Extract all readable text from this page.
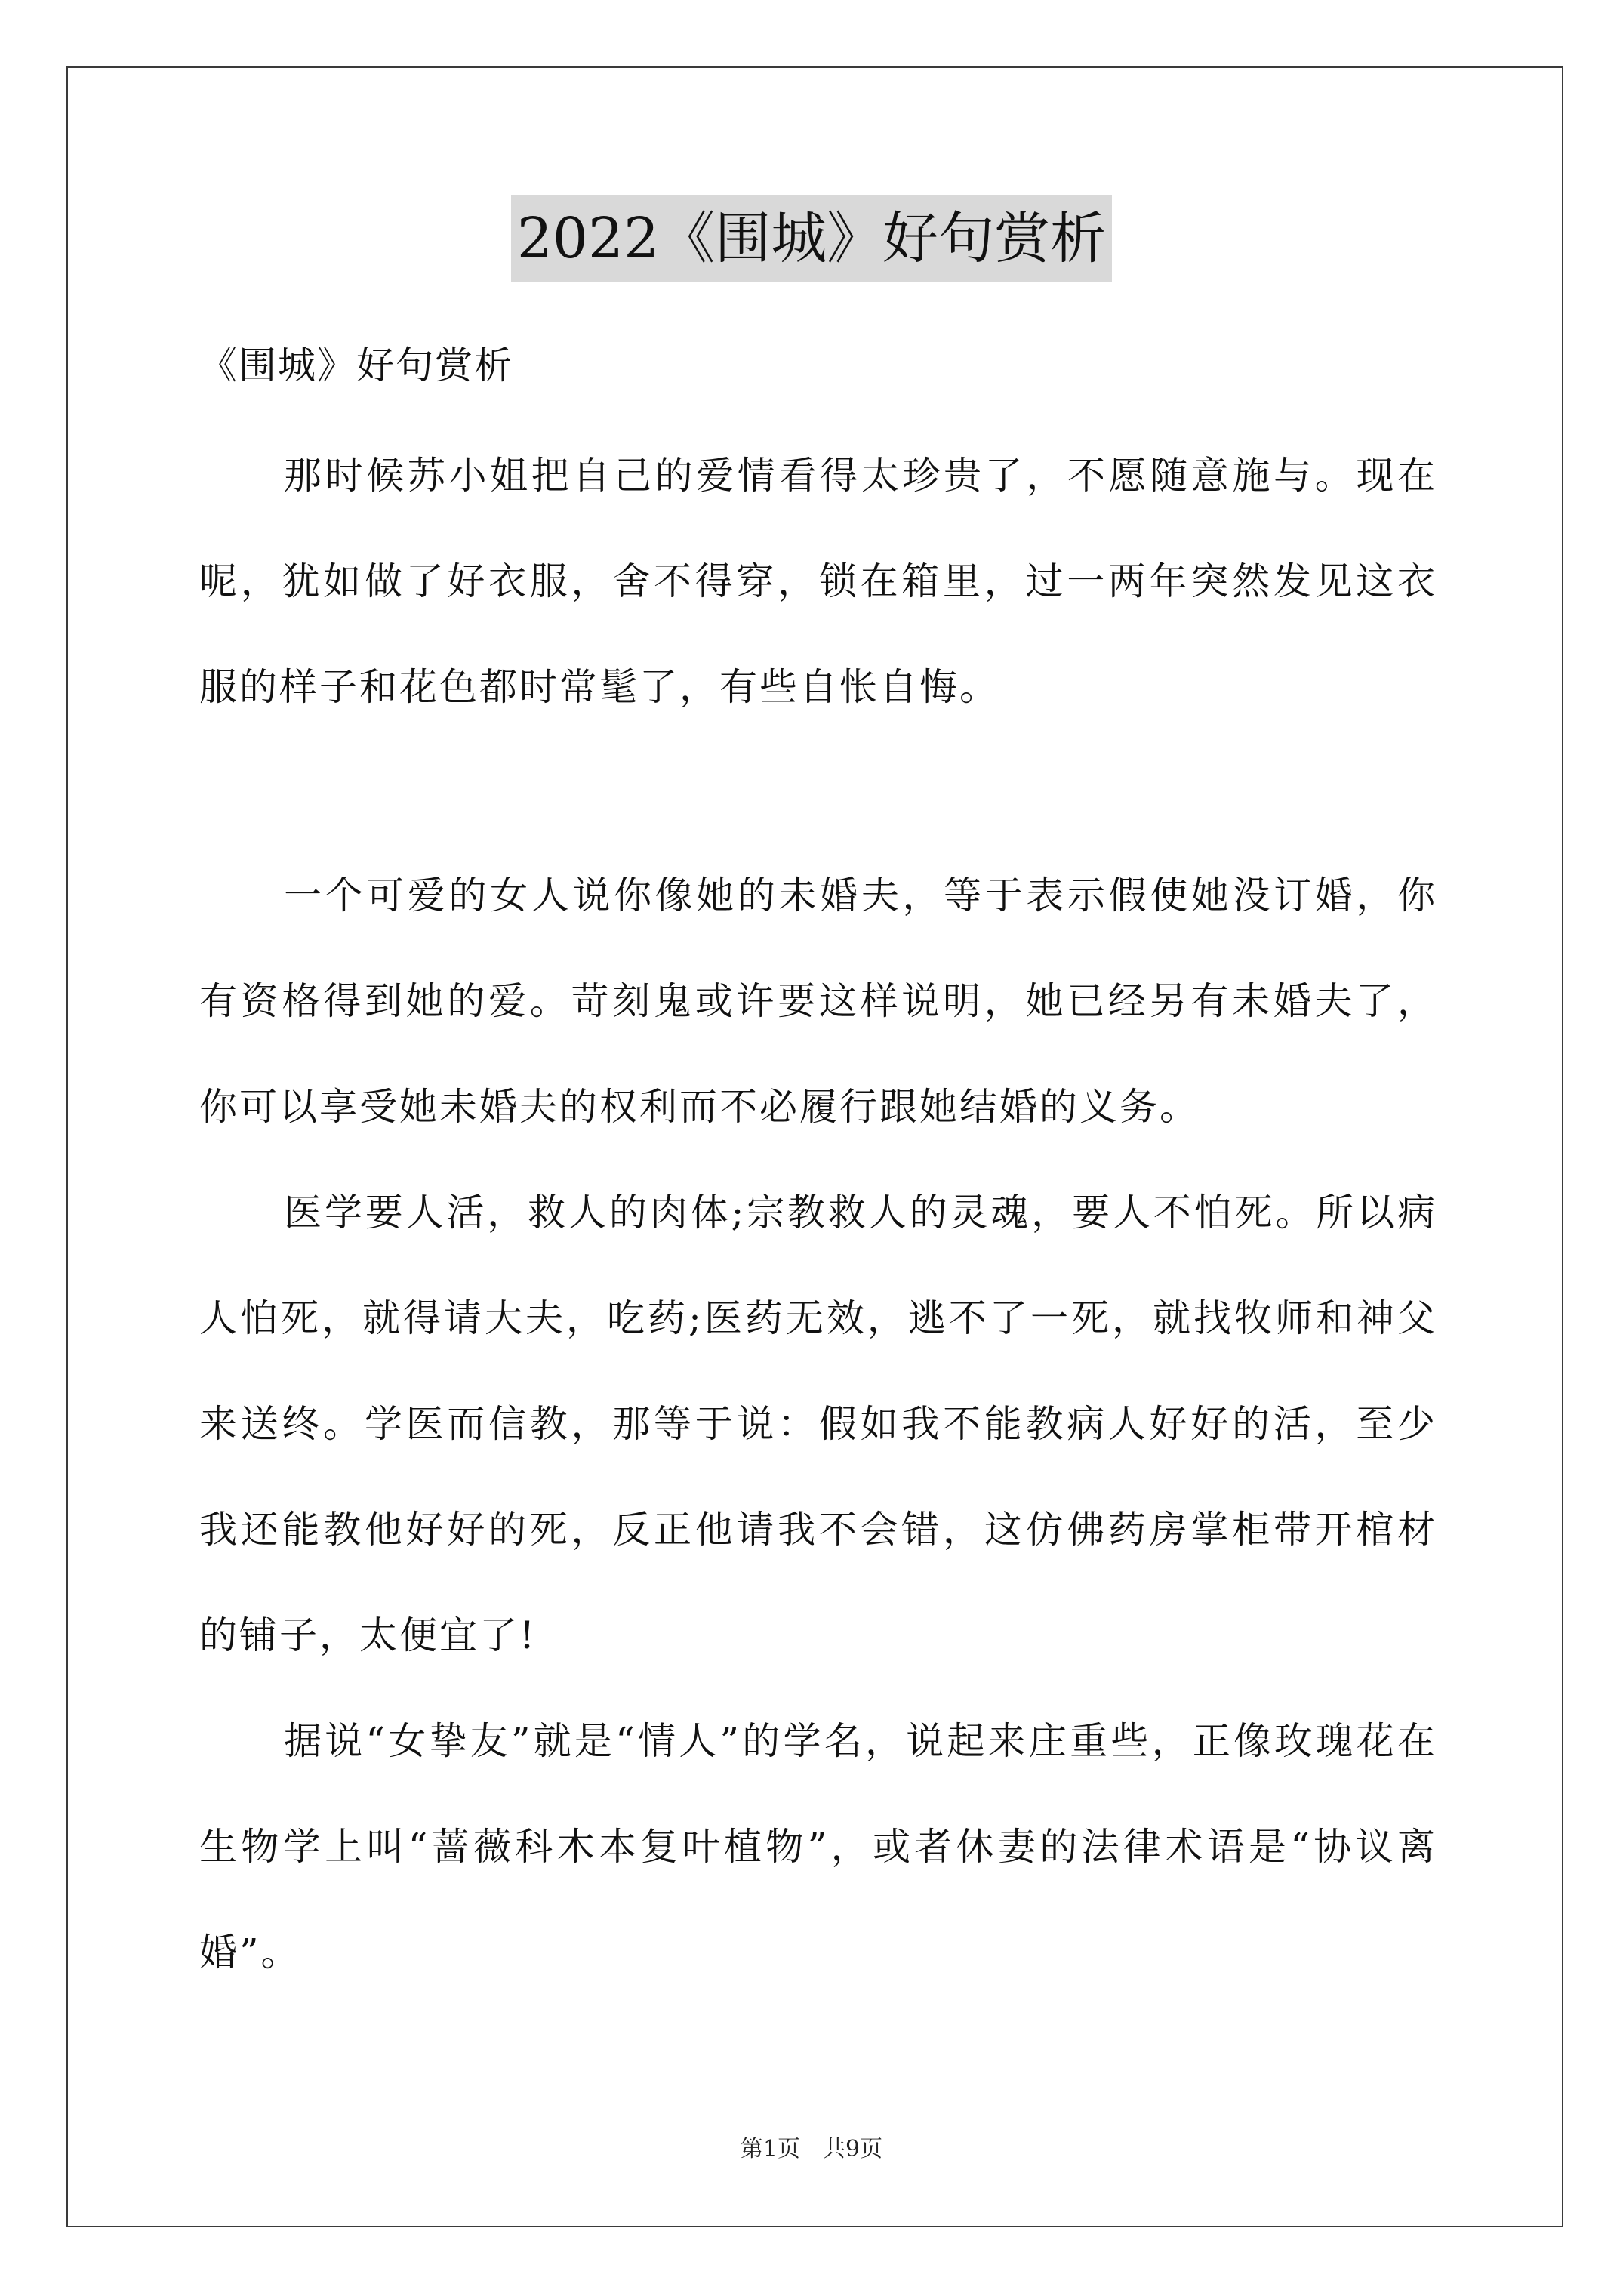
2022《围城》好句赏析

《围城》好句赏析

那时候苏小姐把自己的爱情看得太珍贵了，不愿随意施与。现在呢，犹如做了好衣服，舍不得穿，锁在箱里，过一两年突然发见这衣服的样子和花色都时常髦了，有些自怅自悔。

一个可爱的女人说你像她的未婚夫，等于表示假使她没订婚，你有资格得到她的爱。苛刻鬼或许要这样说明，她已经另有未婚夫了，你可以享受她未婚夫的权利而不必履行跟她结婚的义务。

医学要人活，救人的肉体;宗教救人的灵魂，要人不怕死。所以病人怕死，就得请大夫，吃药;医药无效，逃不了一死，就找牧师和神父来送终。学医而信教，那等于说：假如我不能教病人好好的活，至少我还能教他好好的死，反正他请我不会错，这仿佛药房掌柜带开棺材的铺子，太便宜了!

据说“女挚友”就是“情人”的学名，说起来庄重些，正像玫瑰花在生物学上叫“蔷薇科木本复叶植物”，或者休妻的法律术语是“协议离婚”。

第1页　共9页
